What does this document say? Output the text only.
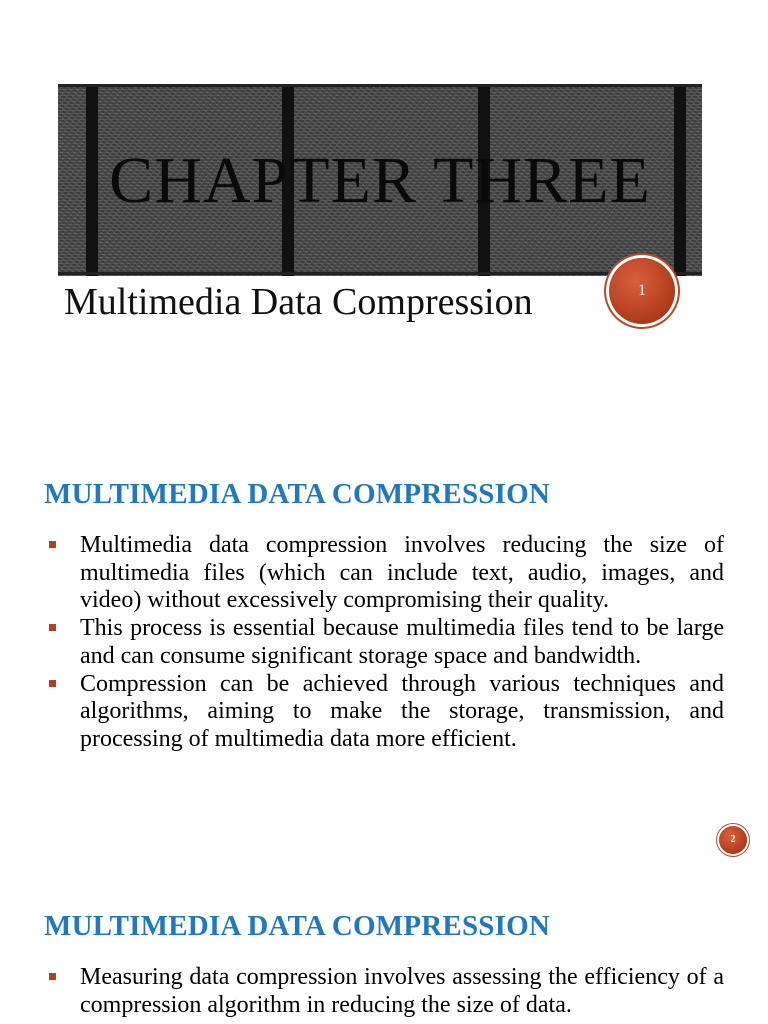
CHAPTER THREE
Multimedia Data Compression	1
MULTIMEDIA DATA COMPRESSION
Multimedia data compression involves reducing the size of multimedia files (which can include text, audio, images, and video) without excessively compromising their quality.
This process is essential because multimedia files tend to be large and can consume significant storage space and bandwidth.
Compression can be achieved through various techniques and algorithms, aiming to make the storage, transmission, and processing of multimedia data more efficient.
2
MULTIMEDIA DATA COMPRESSION
Measuring data compression involves assessing the efficiency of a compression algorithm in reducing the size of data.
